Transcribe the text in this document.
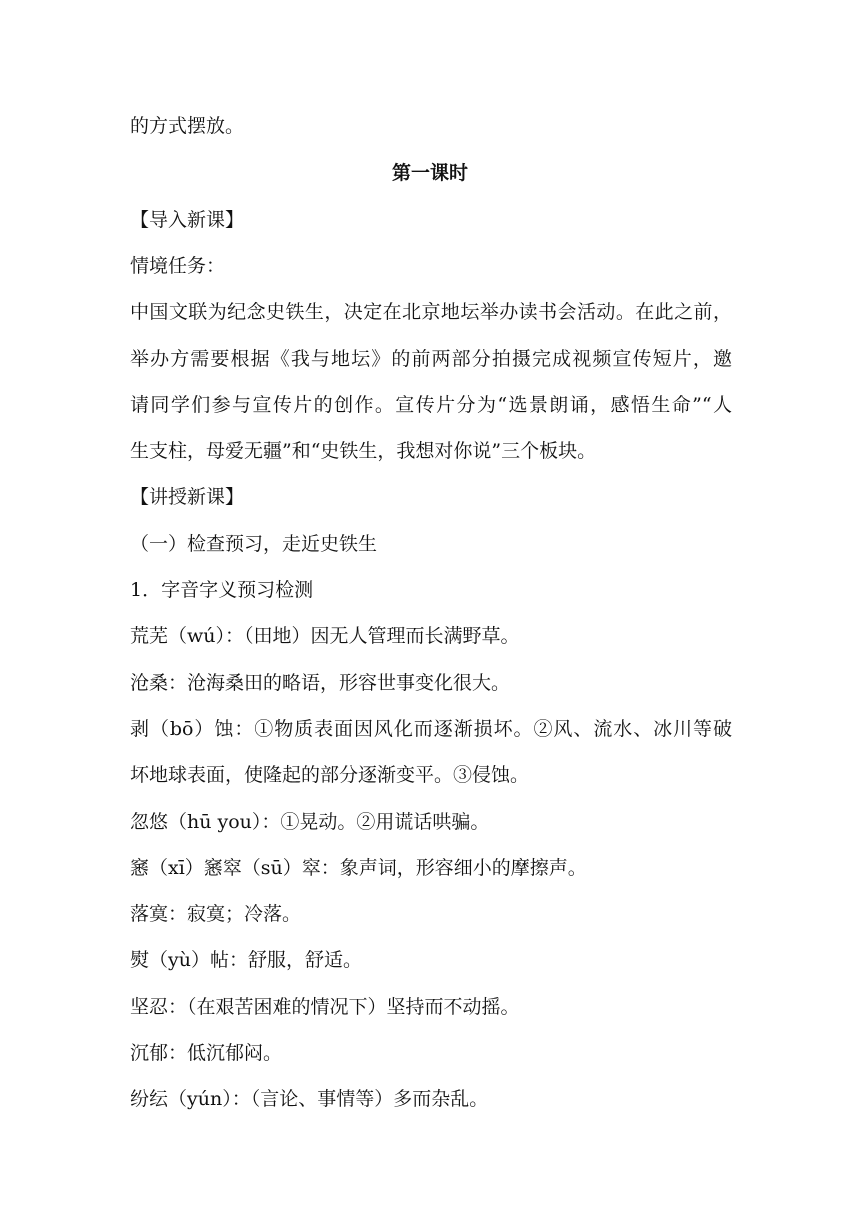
的方式摆放。
第一课时
【导入新课】
情境任务：
中国文联为纪念史铁生，决定在北京地坛举办读书会活动。在此之前，
举办方需要根据《我与地坛》的前两部分拍摄完成视频宣传短片，邀
请同学们参与宣传片的创作。宣传片分为“选景朗诵，感悟生命”“人
生支柱，母爱无疆”和“史铁生，我想对你说”三个板块。
【讲授新课】
（一）检查预习，走近史铁生
1．字音字义预习检测
荒芜（wú）：（田地）因无人管理而长满野草。
沧桑：沧海桑田的略语，形容世事变化很大。
剥（bō）蚀：①物质表面因风化而逐渐损坏。②风、流水、冰川等破
坏地球表面，使隆起的部分逐渐变平。③侵蚀。
忽悠（hū you）：①晃动。②用谎话哄骗。
窸（xī）窸窣（sū）窣：象声词，形容细小的摩擦声。
落寞：寂寞；冷落。
熨（yù）帖：舒服，舒适。
坚忍：（在艰苦困难的情况下）坚持而不动摇。
沉郁：低沉郁闷。
纷纭（yún）：（言论、事情等）多而杂乱。
